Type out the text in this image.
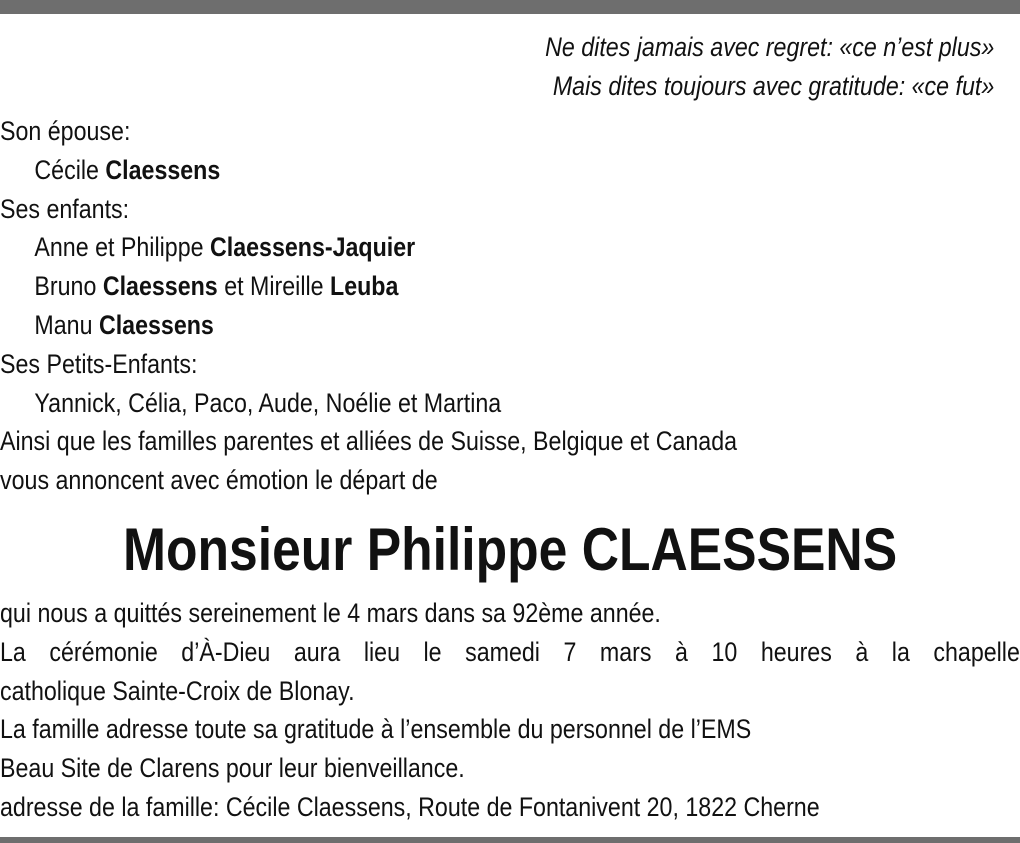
Ne dites jamais avec regret: «ce n’est plus»
Mais dites toujours avec gratitude: «ce fut»
Son épouse:
Cécile Claessens
Ses enfants:
Anne et Philippe Claessens-Jaquier
Bruno Claessens et Mireille Leuba
Manu Claessens
Ses Petits-Enfants:
Yannick, Célia, Paco, Aude, Noélie et Martina
Ainsi que les familles parentes et alliées de Suisse, Belgique et Canada
vous annoncent avec émotion le départ de
Monsieur Philippe CLAESSENS
qui nous a quittés sereinement le 4 mars dans sa 92ème année.
La cérémonie d’À-Dieu aura lieu le samedi 7 mars à 10 heures à la chapelle
catholique Sainte-Croix de Blonay.
La famille adresse toute sa gratitude à l’ensemble du personnel de l’EMS
Beau Site de Clarens pour leur bienveillance.
adresse de la famille: Cécile Claessens, Route de Fontanivent 20, 1822 Cherne
